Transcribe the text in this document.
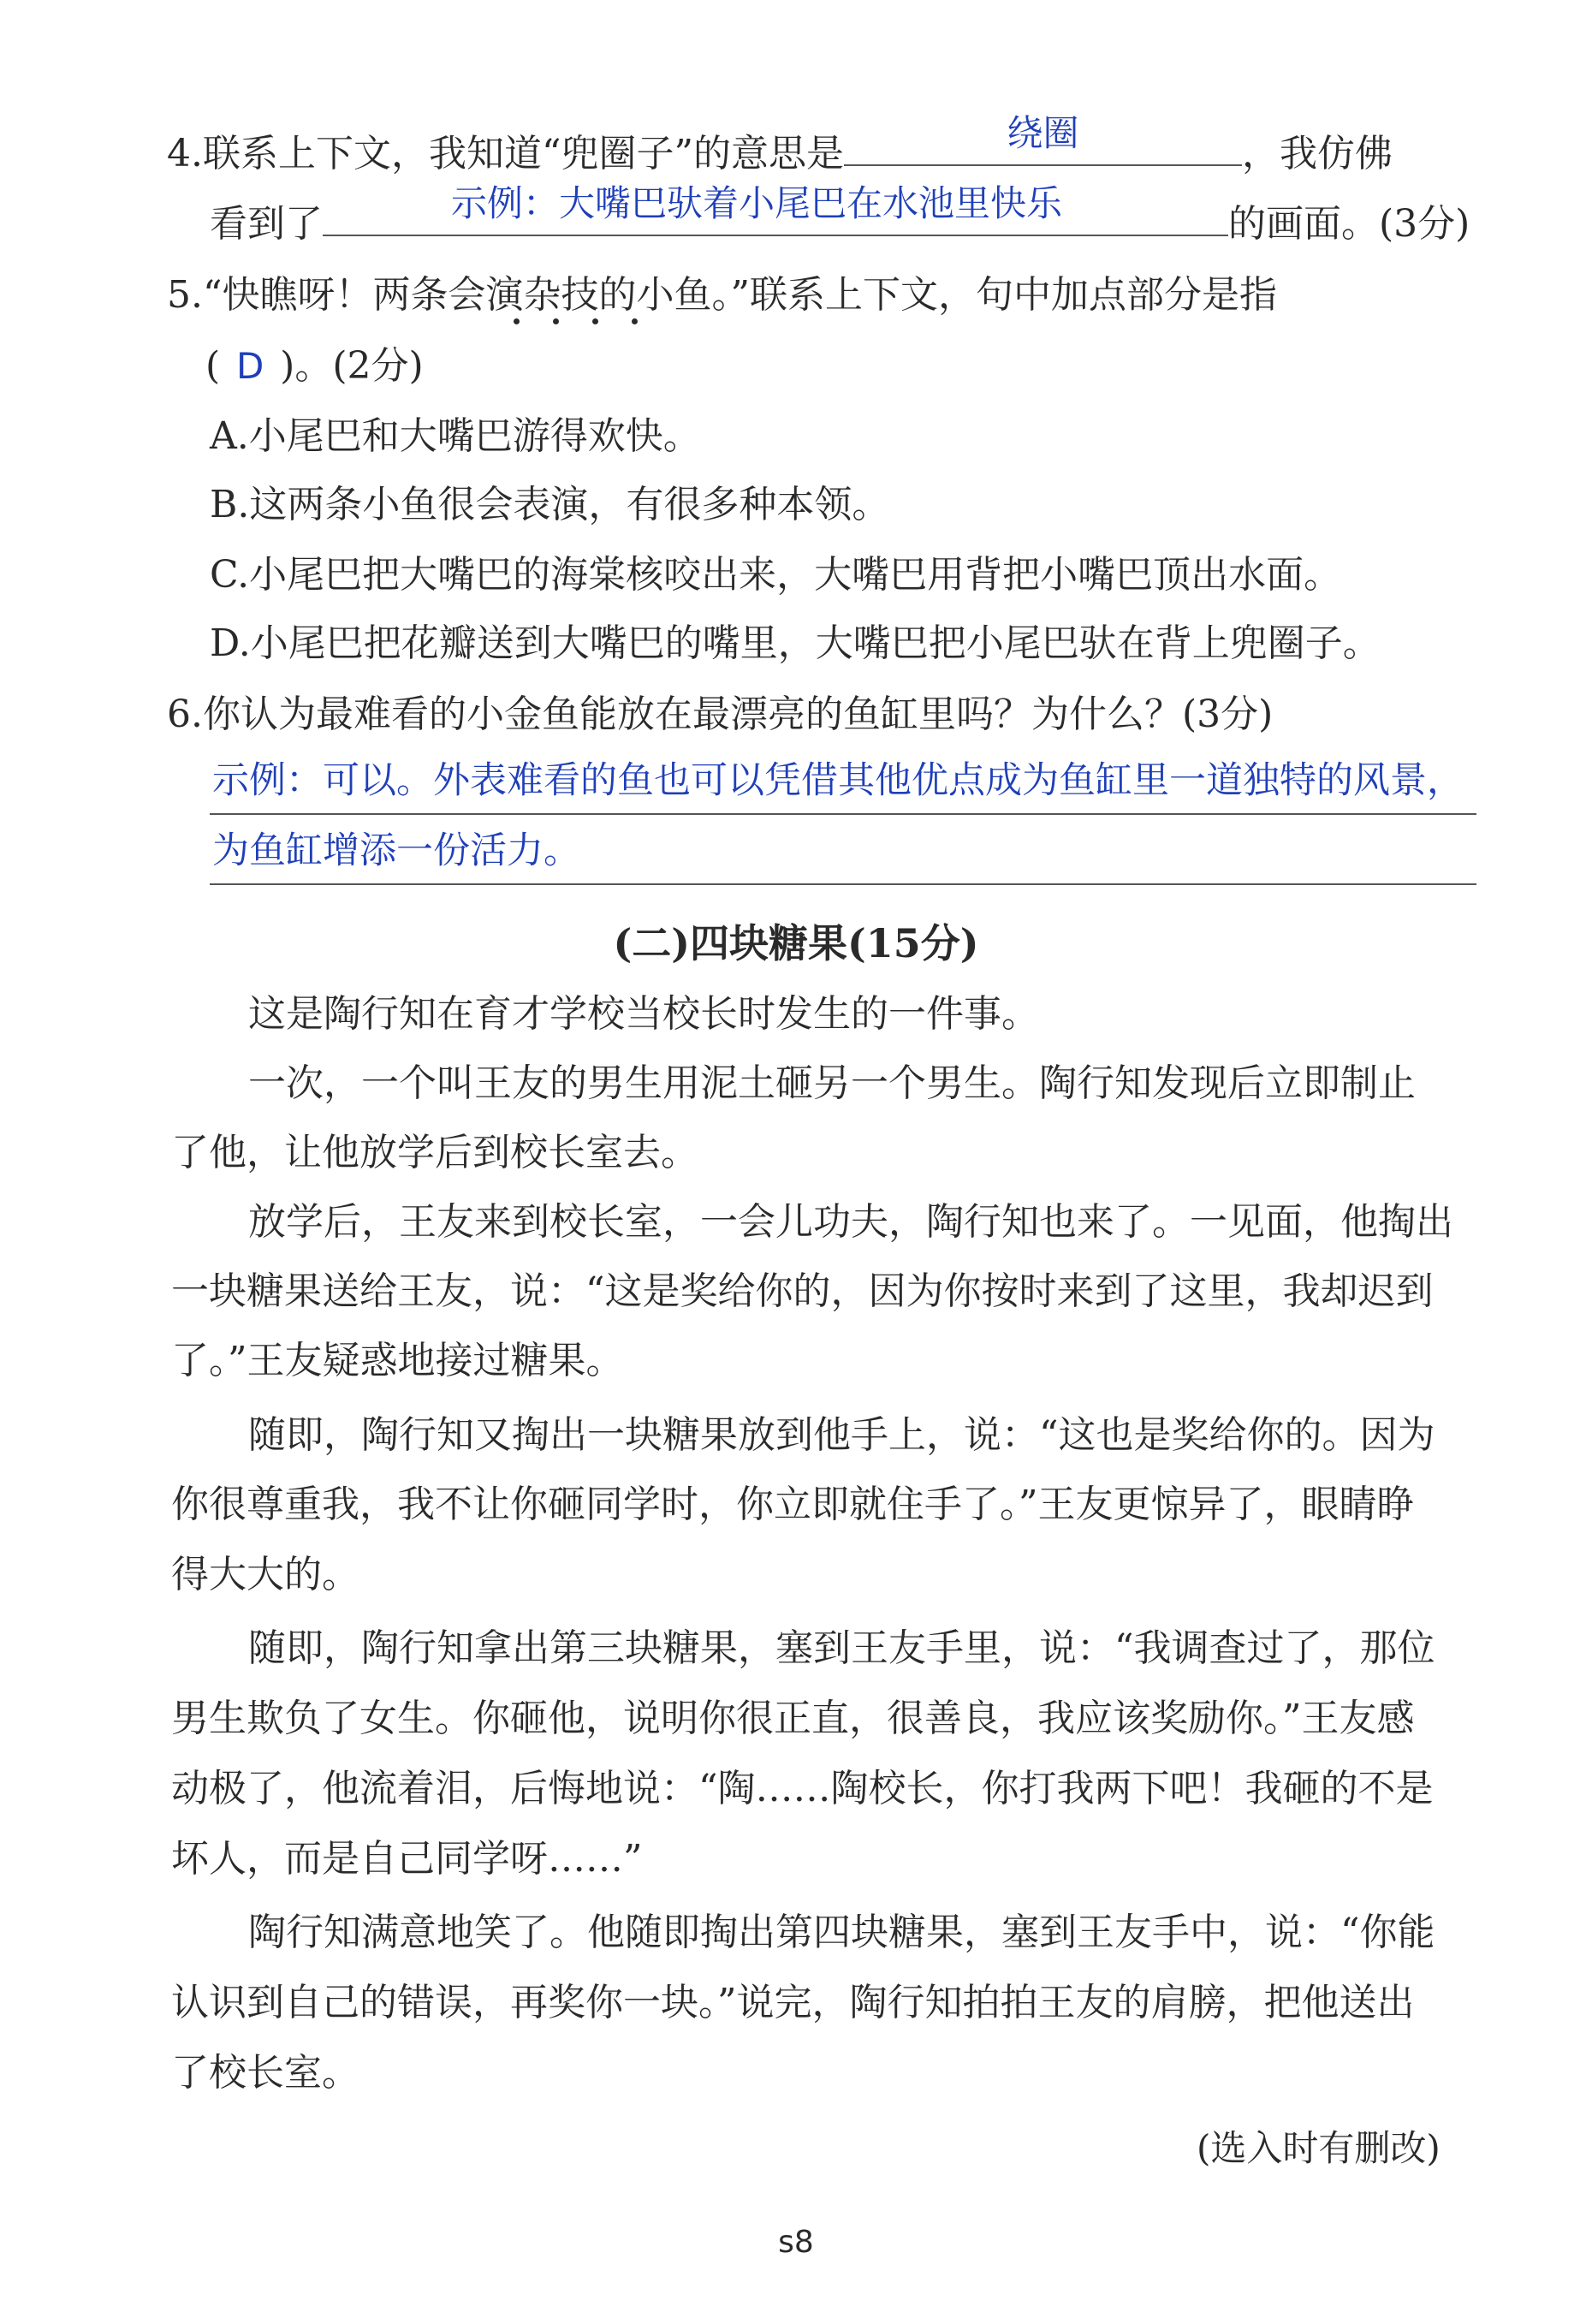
4.联系上下文，我知道“兜圈子”的意思是	绕圈	，我仿佛
看到了	示例：大嘴巴驮着小尾巴在水池里快乐	的画面。(3分)
5.“快瞧呀！两条会演杂技的小鱼。”联系上下文，句中加点部分是指
( D )。(2分)
A.小尾巴和大嘴巴游得欢快。
B.这两条小鱼很会表演，有很多种本领。
C.小尾巴把大嘴巴的海棠核咬出来，大嘴巴用背把小嘴巴顶出水面。
D.小尾巴把花瓣送到大嘴巴的嘴里，大嘴巴把小尾巴驮在背上兜圈子。
6.你认为最难看的小金鱼能放在最漂亮的鱼缸里吗？为什么？(3分)
示例：可以。外表难看的鱼也可以凭借其他优点成为鱼缸里一道独特的风景，
为鱼缸增添一份活力。
(二)四块糖果(15分)
这是陶行知在育才学校当校长时发生的一件事。
一次，一个叫王友的男生用泥土砸另一个男生。陶行知发现后立即制止
了他，让他放学后到校长室去。
放学后，王友来到校长室，一会儿功夫，陶行知也来了。一见面，他掏出
一块糖果送给王友，说：“这是奖给你的，因为你按时来到了这里，我却迟到
了。”王友疑惑地接过糖果。
随即，陶行知又掏出一块糖果放到他手上，说：“这也是奖给你的。因为
你很尊重我，我不让你砸同学时，你立即就住手了。”王友更惊异了，眼睛睁
得大大的。
随即，陶行知拿出第三块糖果，塞到王友手里，说：“我调查过了，那位
男生欺负了女生。你砸他，说明你很正直，很善良，我应该奖励你。”王友感
动极了，他流着泪，后悔地说：“陶……陶校长，你打我两下吧！我砸的不是
坏人，而是自己同学呀……”
陶行知满意地笑了。他随即掏出第四块糖果，塞到王友手中，说：“你能
认识到自己的错误，再奖你一块。”说完，陶行知拍拍王友的肩膀，把他送出
了校长室。
(选入时有删改)
s8
